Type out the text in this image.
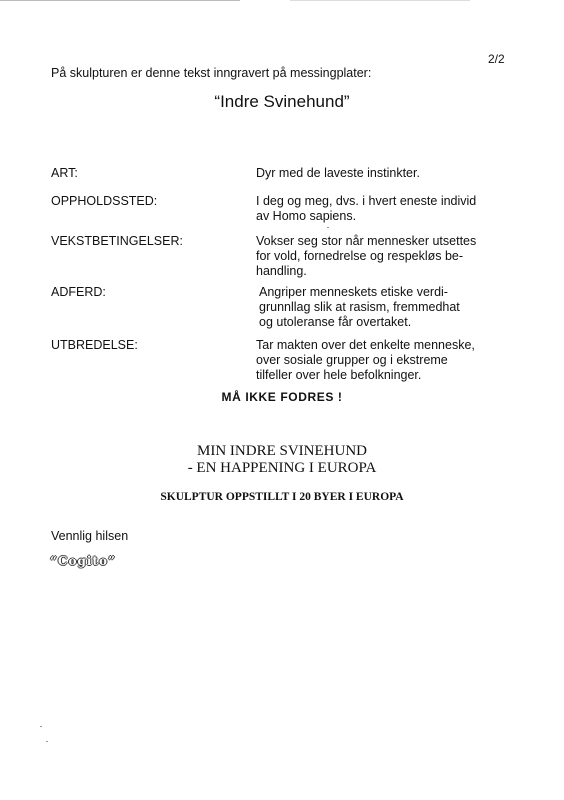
2/2
På skulpturen er denne tekst inngravert på messingplater:
“Indre Svinehund”
ART:	Dyr med de laveste instinkter.
OPPHOLDSSTED:	I deg og meg, dvs. i hvert eneste individ
av Homo sapiens.
VEKSTBETINGELSER:	Vokser seg stor når mennesker utsettes
for vold, fornedrelse og respekløs be-
handling.
ADFERD:	Angriper menneskets etiske verdi-
grunnllag slik at rasism, fremmedhat
og utoleranse får overtaket.
UTBREDELSE:	Tar makten over det enkelte menneske,
over sosiale grupper og i ekstreme
tilfeller over hele befolkninger.
MÅ IKKE FODRES !
MIN INDRE SVINEHUND
- EN HAPPENING I EUROPA
SKULPTUR OPPSTILLT I 20 BYER I EUROPA
Vennlig hilsen
“Cogito”
